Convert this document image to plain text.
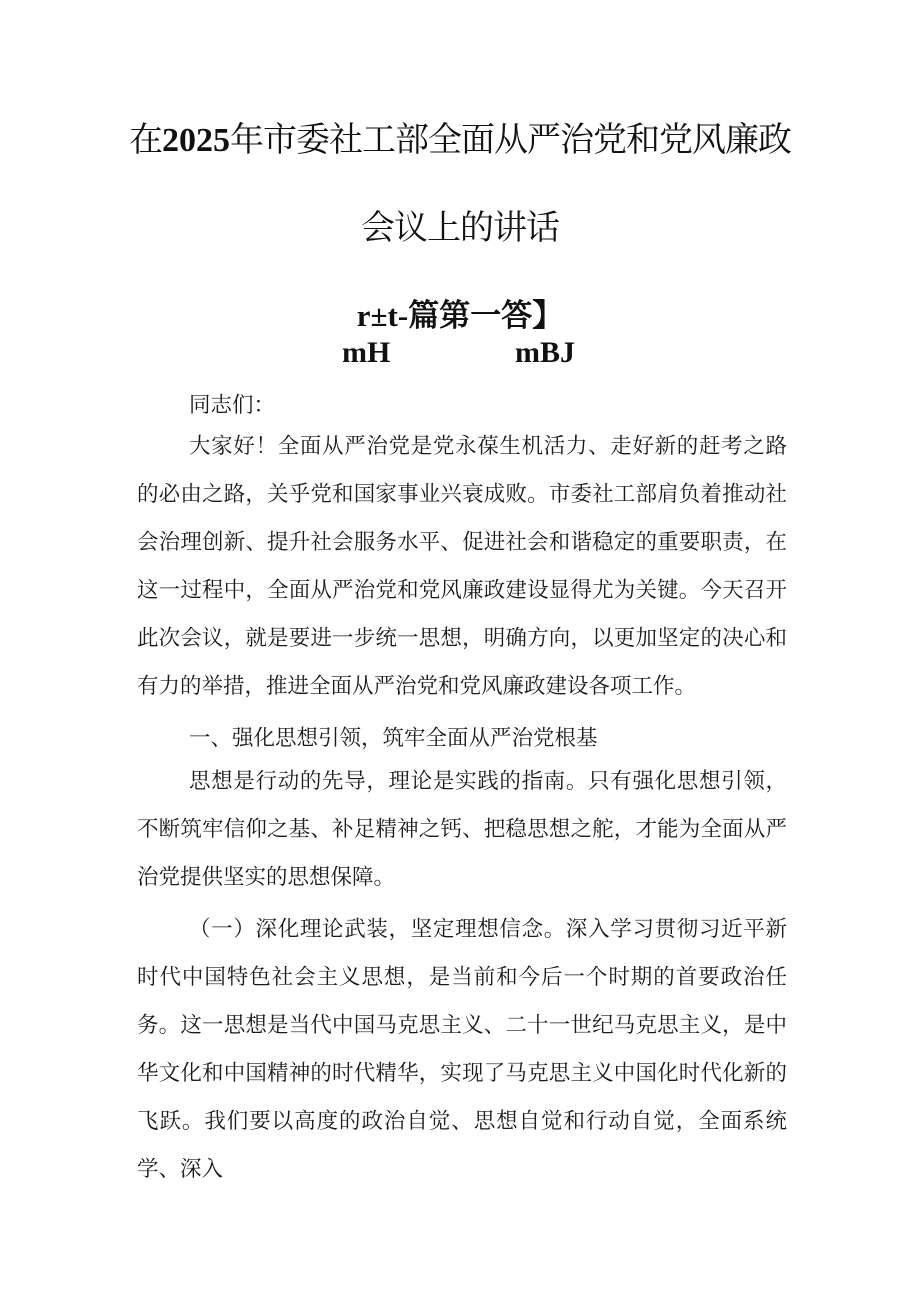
在2025年市委社工部全面从严治党和党风廉政
会议上的讲话
r±t-篇第一答】
mH	mBJ
同志们：
大家好！全面从严治党是党永葆生机活力、走好新的赶考之路的必由之路，关乎党和国家事业兴衰成败。市委社工部肩负着推动社会治理创新、提升社会服务水平、促进社会和谐稳定的重要职责，在这一过程中，全面从严治党和党风廉政建设显得尤为关键。今天召开此次会议，就是要进一步统一思想，明确方向，以更加坚定的决心和有力的举措，推进全面从严治党和党风廉政建设各项工作。
一、强化思想引领，筑牢全面从严治党根基
思想是行动的先导，理论是实践的指南。只有强化思想引领，不断筑牢信仰之基、补足精神之钙、把稳思想之舵，才能为全面从严治党提供坚实的思想保障。
（一）深化理论武装，坚定理想信念。深入学习贯彻习近平新时代中国特色社会主义思想，是当前和今后一个时期的首要政治任务。这一思想是当代中国马克思主义、二十一世纪马克思主义，是中华文化和中国精神的时代精华，实现了马克思主义中国化时代化新的飞跃。我们要以高度的政治自觉、思想自觉和行动自觉，全面系统学、深入
